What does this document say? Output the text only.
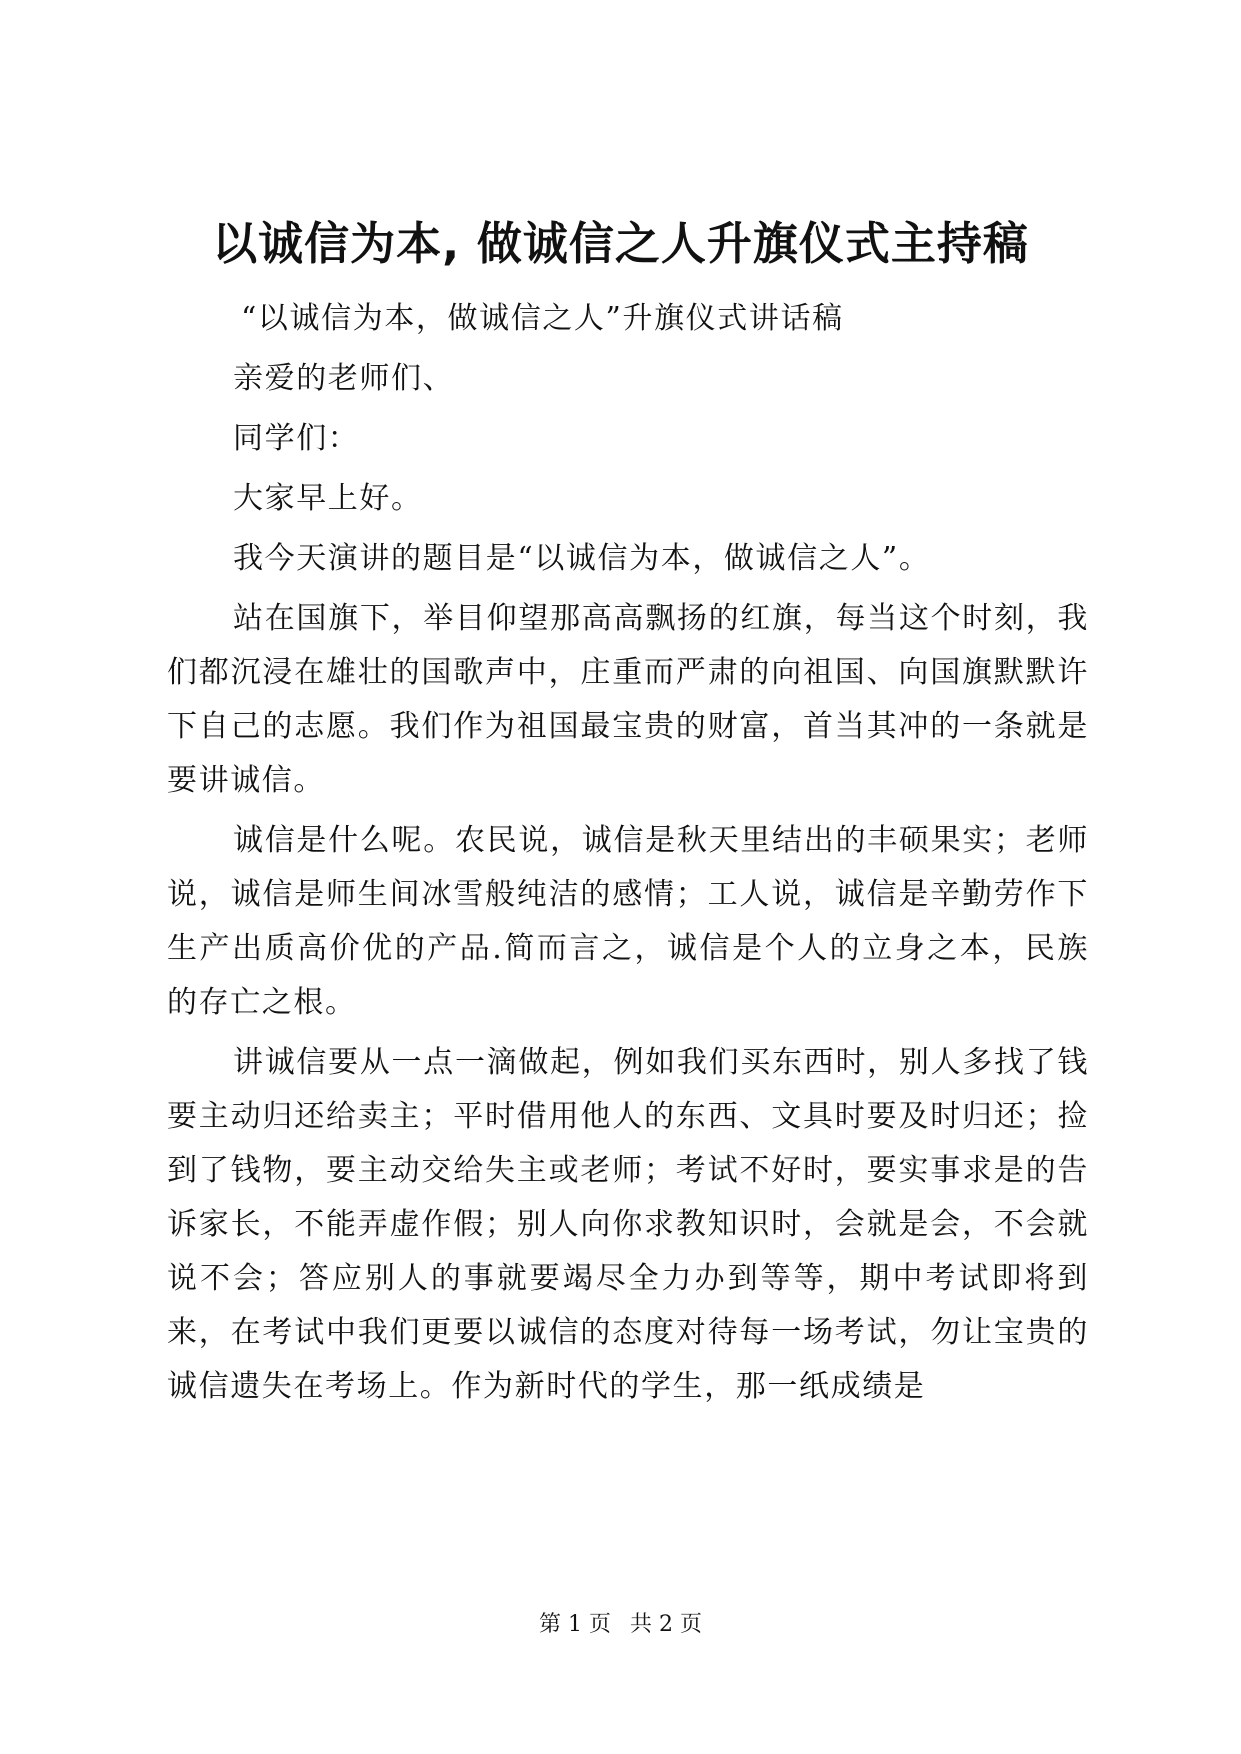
以诚信为本, 做诚信之人升旗仪式主持稿

“以诚信为本，做诚信之人”升旗仪式讲话稿

亲爱的老师们、

同学们：

大家早上好。

我今天演讲的题目是“以诚信为本，做诚信之人”。

站在国旗下，举目仰望那高高飘扬的红旗，每当这个时刻，我们都沉浸在雄壮的国歌声中，庄重而严肃的向祖国、向国旗默默许下自己的志愿。我们作为祖国最宝贵的财富，首当其冲的一条就是要讲诚信。

诚信是什么呢。农民说，诚信是秋天里结出的丰硕果实；老师说，诚信是师生间冰雪般纯洁的感情；工人说，诚信是辛勤劳作下生产出质高价优的产品.简而言之，诚信是个人的立身之本，民族的存亡之根。

讲诚信要从一点一滴做起，例如我们买东西时，别人多找了钱要主动归还给卖主；平时借用他人的东西、文具时要及时归还；捡到了钱物，要主动交给失主或老师；考试不好时，要实事求是的告诉家长，不能弄虚作假；别人向你求教知识时，会就是会，不会就说不会；答应别人的事就要竭尽全力办到等等，期中考试即将到来，在考试中我们更要以诚信的态度对待每一场考试，勿让宝贵的诚信遗失在考场上。作为新时代的学生，那一纸成绩是

第 1 页 共 2 页
